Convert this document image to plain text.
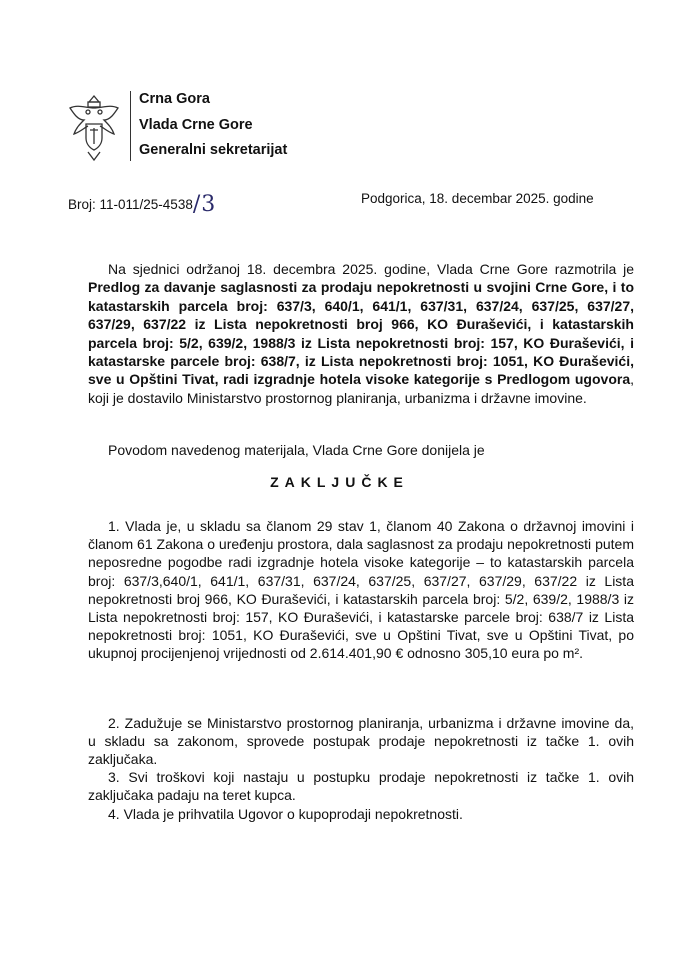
Crna Gora
Vlada Crne Gore
Generalni sekretarijat
Broj: 11-011/25-4538/3	Podgorica, 18. decembar 2025. godine
Na sjednici održanoj 18. decembra 2025. godine, Vlada Crne Gore razmotrila je Predlog za davanje saglasnosti za prodaju nepokretnosti u svojini Crne Gore, i to katastarskih parcela broj: 637/3, 640/1, 641/1, 637/31, 637/24, 637/25, 637/27, 637/29, 637/22 iz Lista nepokretnosti broj 966, KO Đuraševići, i katastarskih parcela broj: 5/2, 639/2, 1988/3 iz Lista nepokretnosti broj: 157, KO Đuraševići, i katastarske parcele broj: 638/7, iz Lista nepokretnosti broj: 1051, KO Đuraševići, sve u Opštini Tivat, radi izgradnje hotela visoke kategorije s Predlogom ugovora, koji je dostavilo Ministarstvo prostornog planiranja, urbanizma i državne imovine.
Povodom navedenog materijala, Vlada Crne Gore donijela je
ZAKLJUČKE
1. Vlada je, u skladu sa članom 29 stav 1, članom 40 Zakona o državnoj imovini i članom 61 Zakona o uređenju prostora, dala saglasnost za prodaju nepokretnosti putem neposredne pogodbe radi izgradnje hotela visoke kategorije – to katastarskih parcela broj: 637/3,640/1, 641/1, 637/31, 637/24, 637/25, 637/27, 637/29, 637/22 iz Lista nepokretnosti broj 966, KO Đuraševići, i katastarskih parcela broj: 5/2, 639/2, 1988/3 iz Lista nepokretnosti broj: 157, KO Đuraševići, i katastarske parcele broj: 638/7 iz Lista nepokretnosti broj: 1051, KO Đuraševići, sve u Opštini Tivat, sve u Opštini Tivat, po ukupnoj procijenjenoj vrijednosti od 2.614.401,90 € odnosno 305,10 eura po m².
2. Zadužuje se Ministarstvo prostornog planiranja, urbanizma i državne imovine da, u skladu sa zakonom, sprovede postupak prodaje nepokretnosti iz tačke 1. ovih zaključaka.
3. Svi troškovi koji nastaju u postupku prodaje nepokretnosti iz tačke 1. ovih zaključaka padaju na teret kupca.
4. Vlada je prihvatila Ugovor o kupoprodaji nepokretnosti.
